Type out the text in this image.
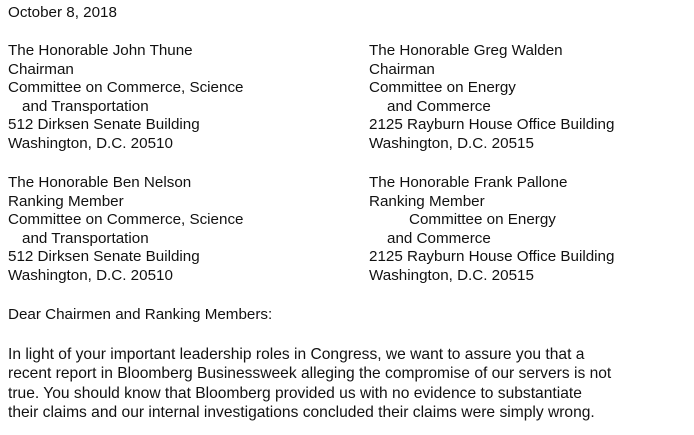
October 8, 2018
The Honorable John Thune
Chairman
Committee on Commerce, Science
and Transportation
512 Dirksen Senate Building
Washington, D.C. 20510
The Honorable Greg Walden
Chairman
Committee on Energy
and Commerce
2125 Rayburn House Office Building
Washington, D.C. 20515
The Honorable Ben Nelson
Ranking Member
Committee on Commerce, Science
and Transportation
512 Dirksen Senate Building
Washington, D.C. 20510
The Honorable Frank Pallone
Ranking Member
Committee on Energy
and Commerce
2125 Rayburn House Office Building
Washington, D.C. 20515
Dear Chairmen and Ranking Members:
In light of your important leadership roles in Congress, we want to assure you that a
recent report in Bloomberg Businessweek alleging the compromise of our servers is not
true. You should know that Bloomberg provided us with no evidence to substantiate
their claims and our internal investigations concluded their claims were simply wrong.
